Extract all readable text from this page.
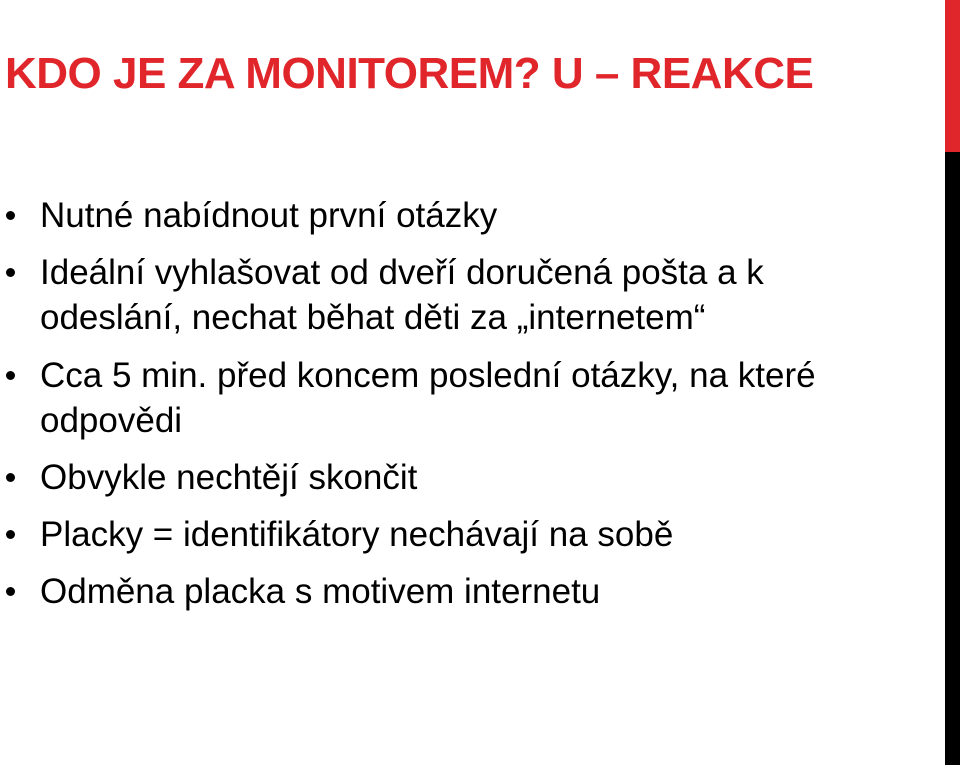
KDO JE ZA MONITOREM? U – REAKCE
Nutné nabídnout první otázky
Ideální vyhlašovat od dveří doručená pošta a k odeslání, nechat běhat děti za „internetem“
Cca 5 min. před koncem poslední otázky, na které odpovědi
Obvykle nechtějí skončit
Placky = identifikátory nechávají na sobě
Odměna placka s motivem internetu
